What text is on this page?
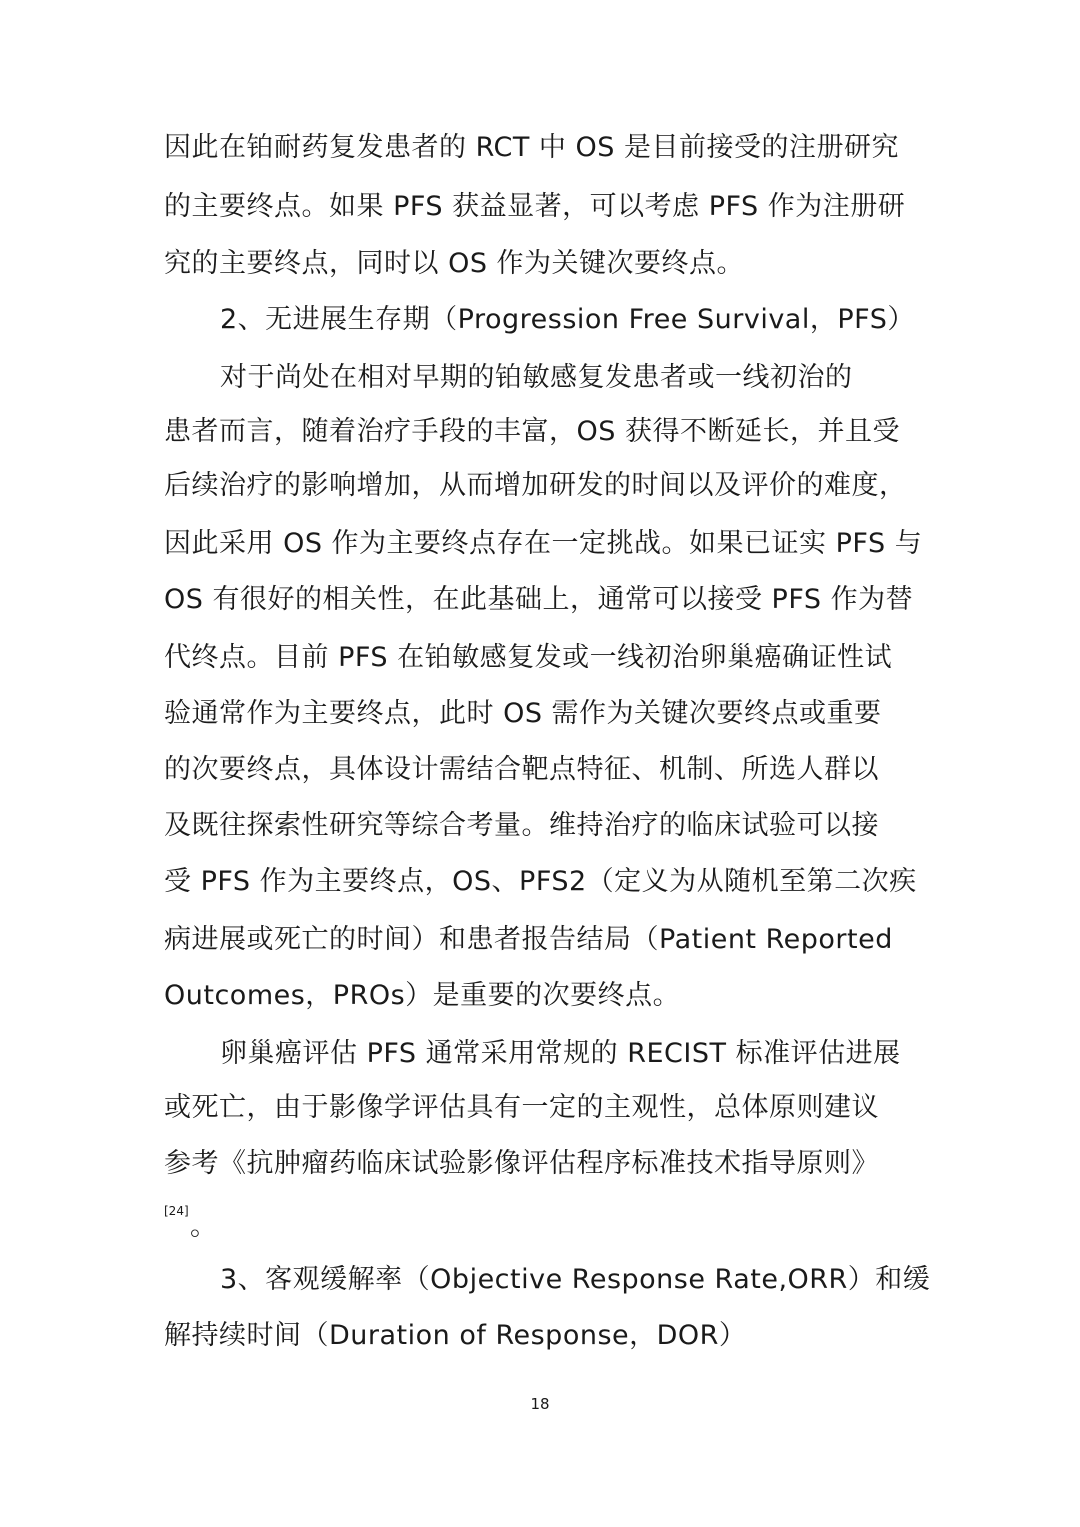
因此在铂耐药复发患者的 RCT 中 OS 是目前接受的注册研究
的主要终点。如果 PFS 获益显著，可以考虑 PFS 作为注册研
究的主要终点，同时以 OS 作为关键次要终点。
2、无进展生存期（Progression Free Survival，PFS）
对于尚处在相对早期的铂敏感复发患者或一线初治的
患者而言，随着治疗手段的丰富，OS 获得不断延长，并且受
后续治疗的影响增加，从而增加研发的时间以及评价的难度，
因此采用 OS 作为主要终点存在一定挑战。如果已证实 PFS 与
OS 有很好的相关性，在此基础上，通常可以接受 PFS 作为替
代终点。目前 PFS 在铂敏感复发或一线初治卵巢癌确证性试
验通常作为主要终点，此时 OS 需作为关键次要终点或重要
的次要终点，具体设计需结合靶点特征、机制、所选人群以
及既往探索性研究等综合考量。维持治疗的临床试验可以接
受 PFS 作为主要终点，OS、PFS2（定义为从随机至第二次疾
病进展或死亡的时间）和患者报告结局（Patient Reported
Outcomes，PROs）是重要的次要终点。
卵巢癌评估 PFS 通常采用常规的 RECIST 标准评估进展
或死亡，由于影像学评估具有一定的主观性，总体原则建议
参考《抗肿瘤药临床试验影像评估程序标准技术指导原则》
[24] 。
3、客观缓解率（Objective Response Rate,ORR）和缓
解持续时间（Duration of Response，DOR）
18
